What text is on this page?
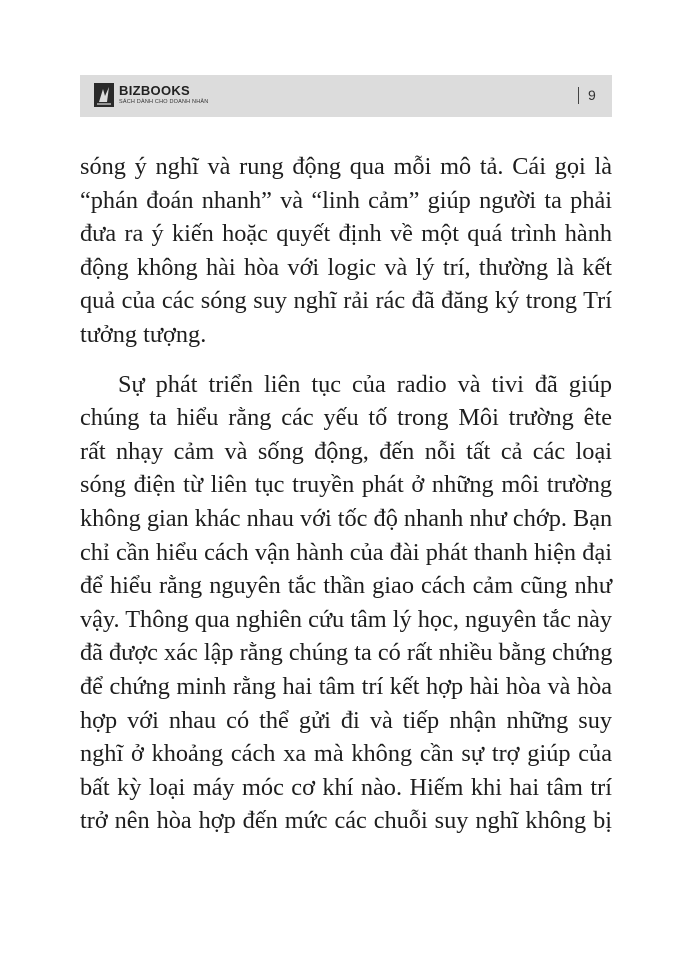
BIZBOOKS
SÁCH DÀNH CHO DOANH NHÂN	9

sóng ý nghĩ và rung động qua mỗi mô tả. Cái gọi là
“phán đoán nhanh” và “linh cảm” giúp người ta phải
đưa ra ý kiến hoặc quyết định về một quá trình hành
động không hài hòa với logic và lý trí, thường là kết
quả của các sóng suy nghĩ rải rác đã đăng ký trong Trí
tưởng tượng.

Sự phát triển liên tục của radio và tivi đã giúp
chúng ta hiểu rằng các yếu tố trong Môi trường ête
rất nhạy cảm và sống động, đến nỗi tất cả các loại
sóng điện từ liên tục truyền phát ở những môi trường
không gian khác nhau với tốc độ nhanh như chớp. Bạn
chỉ cần hiểu cách vận hành của đài phát thanh hiện đại
để hiểu rằng nguyên tắc thần giao cách cảm cũng như
vậy. Thông qua nghiên cứu tâm lý học, nguyên tắc này
đã được xác lập rằng chúng ta có rất nhiều bằng chứng
để chứng minh rằng hai tâm trí kết hợp hài hòa và hòa
hợp với nhau có thể gửi đi và tiếp nhận những suy
nghĩ ở khoảng cách xa mà không cần sự trợ giúp của
bất kỳ loại máy móc cơ khí nào. Hiếm khi hai tâm trí
trở nên hòa hợp đến mức các chuỗi suy nghĩ không bị
